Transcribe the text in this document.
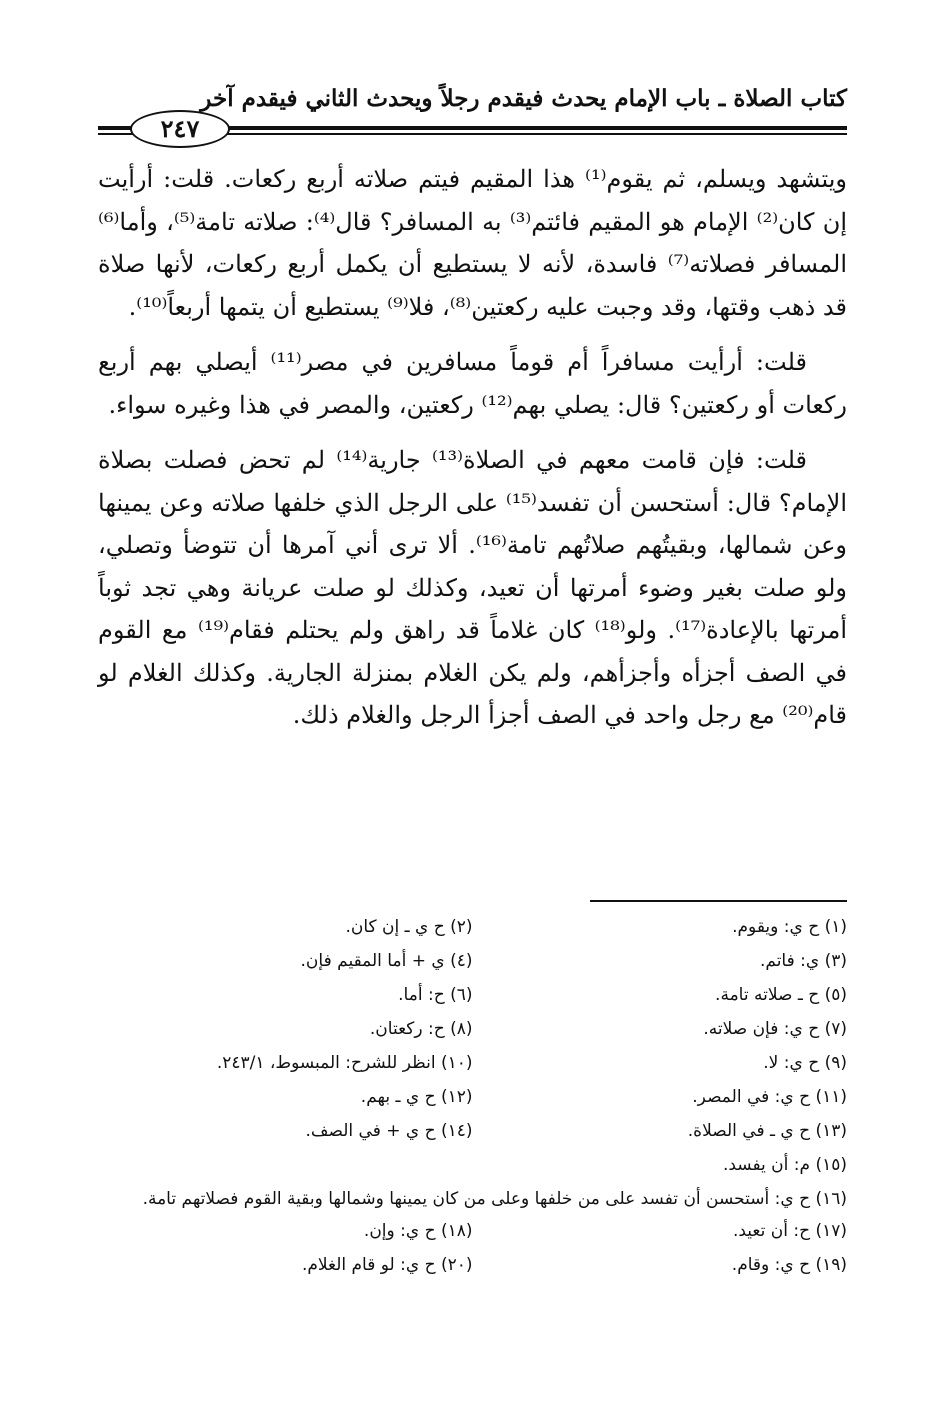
كتاب الصلاة ـ باب الإمام يحدث فيقدم رجلاً ويحدث الثاني فيقدم آخر
٢٤٧

ويتشهد ويسلم، ثم يقوم⁽¹⁾ هذا المقيم فيتم صلاته أربع ركعات. قلت: أرأيت إن كان⁽²⁾ الإمام هو المقيم فائتم⁽³⁾ به المسافر؟ قال⁽⁴⁾: صلاته تامة⁽⁵⁾، وأما⁽⁶⁾ المسافر فصلاته⁽⁷⁾ فاسدة، لأنه لا يستطيع أن يكمل أربع ركعات، لأنها صلاة قد ذهب وقتها، وقد وجبت عليه ركعتين⁽⁸⁾، فلا⁽⁹⁾ يستطيع أن يتمها أربعاً⁽¹⁰⁾.

قلت: أرأيت مسافراً أم قوماً مسافرين في مصر⁽¹¹⁾ أيصلي بهم أربع ركعات أو ركعتين؟ قال: يصلي بهم⁽¹²⁾ ركعتين، والمصر في هذا وغيره سواء.

قلت: فإن قامت معهم في الصلاة⁽¹³⁾ جارية⁽¹⁴⁾ لم تحض فصلت بصلاة الإمام؟ قال: أستحسن أن تفسد⁽¹⁵⁾ على الرجل الذي خلفها صلاته وعن يمينها وعن شمالها، وبقيتُهم صلاتُهم تامة⁽¹⁶⁾. ألا ترى أني آمرها أن تتوضأ وتصلي، ولو صلت بغير وضوء أمرتها أن تعيد، وكذلك لو صلت عريانة وهي تجد ثوباً أمرتها بالإعادة⁽¹⁷⁾. ولو⁽¹⁸⁾ كان غلاماً قد راهق ولم يحتلم فقام⁽¹⁹⁾ مع القوم في الصف أجزأه وأجزأهم، ولم يكن الغلام بمنزلة الجارية. وكذلك الغلام لو قام⁽²⁰⁾ مع رجل واحد في الصف أجزأ الرجل والغلام ذلك.

(١) ح ي: ويقوم.
(٢) ح ي ـ إن كان.
(٣) ي: فاتم.
(٤) ي + أما المقيم فإن.
(٥) ح ـ صلاته تامة.
(٦) ح: أما.
(٧) ح ي: فإن صلاته.
(٨) ح: ركعتان.
(٩) ح ي: لا.
(١٠) انظر للشرح: المبسوط، ٢٤٣/١.
(١١) ح ي: في المصر.
(١٢) ح ي ـ بهم.
(١٣) ح ي ـ في الصلاة.
(١٤) ح ي + في الصف.
(١٥) م: أن يفسد.
(١٦) ح ي: أستحسن أن تفسد على من خلفها وعلى من كان يمينها وشمالها وبقية القوم فصلاتهم تامة.
(١٧) ح: أن تعيد.
(١٨) ح ي: وإن.
(١٩) ح ي: وقام.
(٢٠) ح ي: لو قام الغلام.
